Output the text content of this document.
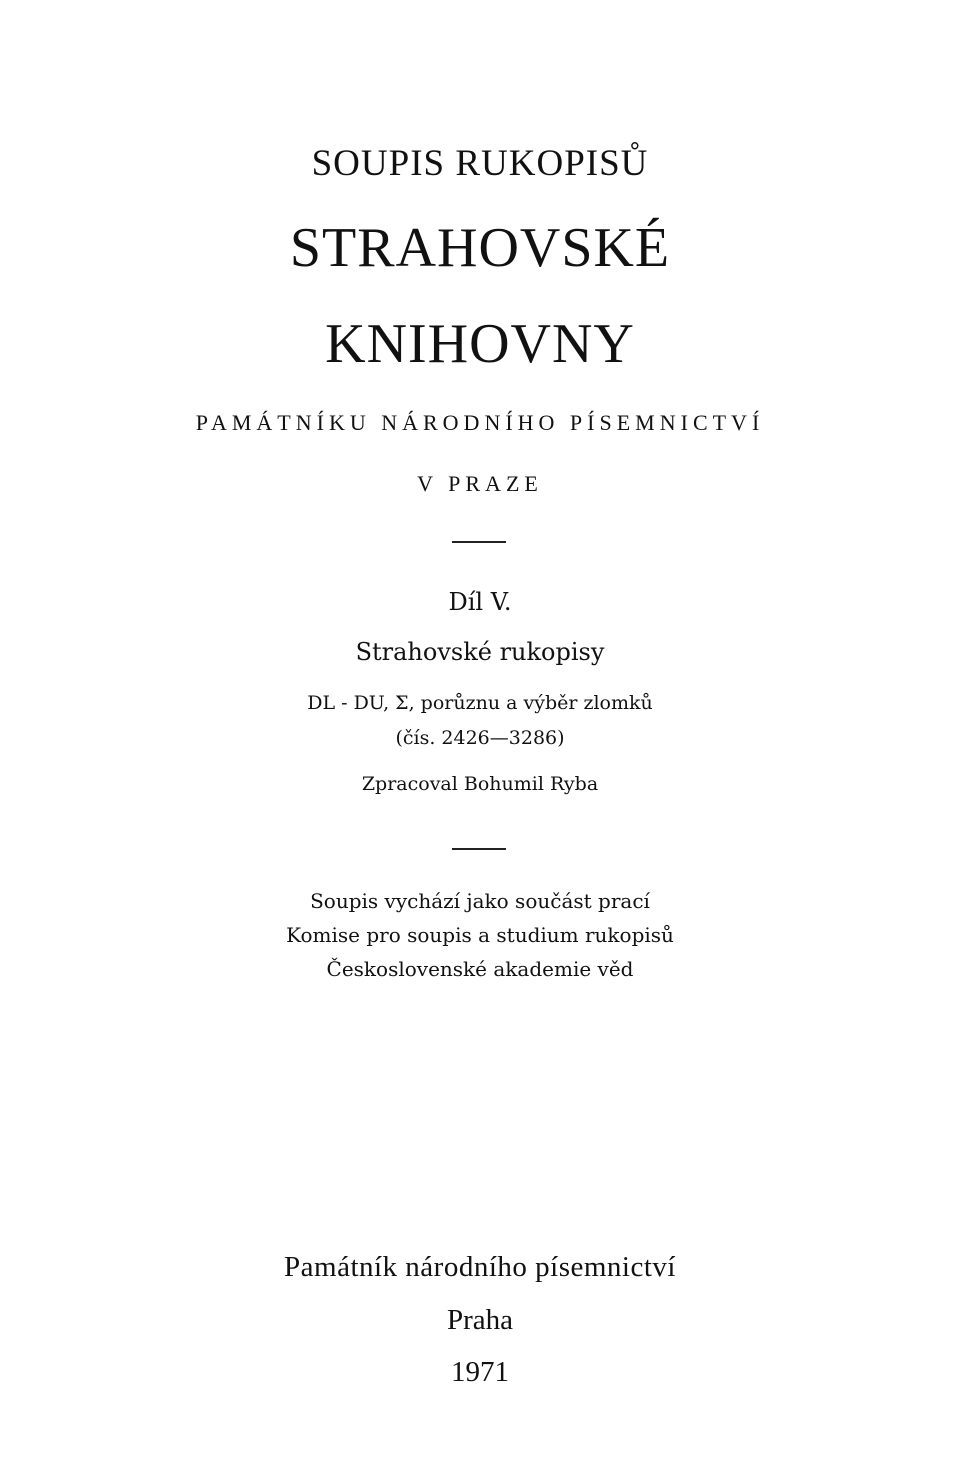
SOUPIS RUKOPISŮ
STRAHOVSKÉ
KNIHOVNY
PAMÁTNÍKU NÁRODNÍHO PÍSEMNICTVÍ
V PRAZE
Díl V.
Strahovské rukopisy
DL - DU, Σ, porůznu a výběr zlomků
(čís. 2426—3286)
Zpracoval Bohumil Ryba
Soupis vychází jako součást prací
Komise pro soupis a studium rukopisů
Československé akademie věd
Památník národního písemnictví
Praha
1971
